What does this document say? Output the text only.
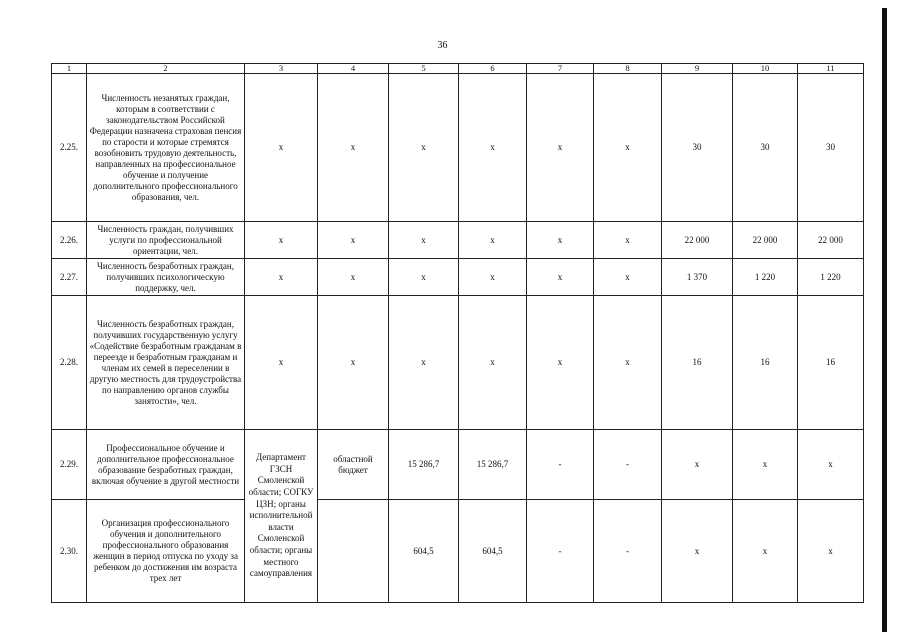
36
1	2	3	4	5	6	7	8	9	10	11
2.25.	Численность незанятых граждан, которым в соответствии с законодательством Российской Федерации назначена страховая пенсия по старости и которые стремятся возобновить трудовую деятельность, направленных на профессиональное обучение и получение дополнительного профессионального образования, чел.	х	х	х	х	х	х	30	30	30
2.26.	Численность граждан, получивших услуги по профессиональной ориентации, чел.	х	х	х	х	х	х	22 000	22 000	22 000
2.27.	Численность безработных граждан, получивших психологическую поддержку, чел.	х	х	х	х	х	х	1 370	1 220	1 220
2.28.	Численность безработных граждан, получивших государственную услугу «Содействие безработным гражданам в переезде и безработным гражданам и членам их семей в переселении в другую местность для трудоустройства по направлению органов службы занятости», чел.	х	х	х	х	х	х	16	16	16
2.29.	Профессиональное обучение и дополнительное профессиональное образование безработных граждан, включая обучение в другой местности	Департамент ГЗСН Смоленской области; СОГКУ ЦЗН; органы исполнительной власти Смоленской области; органы местного самоуправления	областной бюджет	15 286,7	15 286,7	-	-	х	х	х
2.30.	Организация профессионального обучения и дополнительного профессионального образования женщин в период отпуска по уходу за ребенком до достижения им возраста трех лет			604,5	604,5	-	-	х	х	х
